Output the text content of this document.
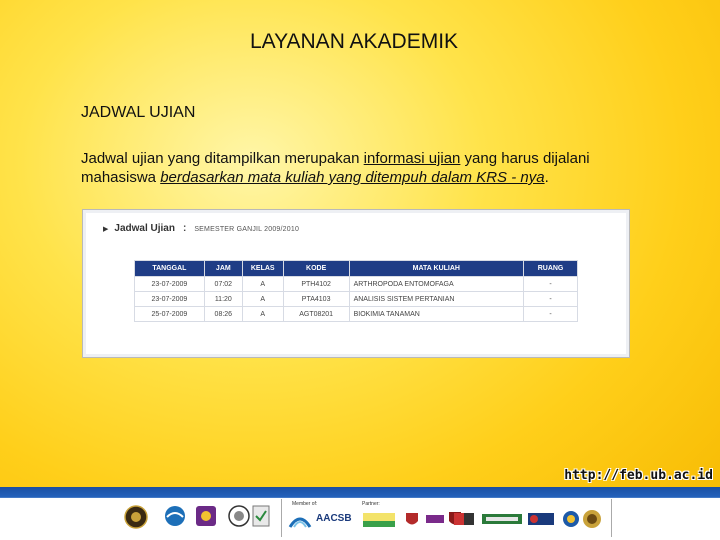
LAYANAN AKADEMIK
JADWAL UJIAN
Jadwal ujian yang ditampilkan merupakan informasi ujian yang harus dijalani mahasiswa berdasarkan mata kuliah yang ditempuh dalam KRS - nya.
▶ Jadwal Ujian : SEMESTER GANJIL 2009/2010
TANGGAL	JAM	KELAS	KODE	MATA KULIAH	RUANG
23-07-2009	07:02	A	PTH4102	ARTHROPODA ENTOMOFAGA	-
23-07-2009	11:20	A	PTA4103	ANALISIS SISTEM PERTANIAN	-
25-07-2009	08:26	A	AGT08201	BIOKIMIA TANAMAN	-
http://feb.ub.ac.id
Member of:	Partner:
AACSB
